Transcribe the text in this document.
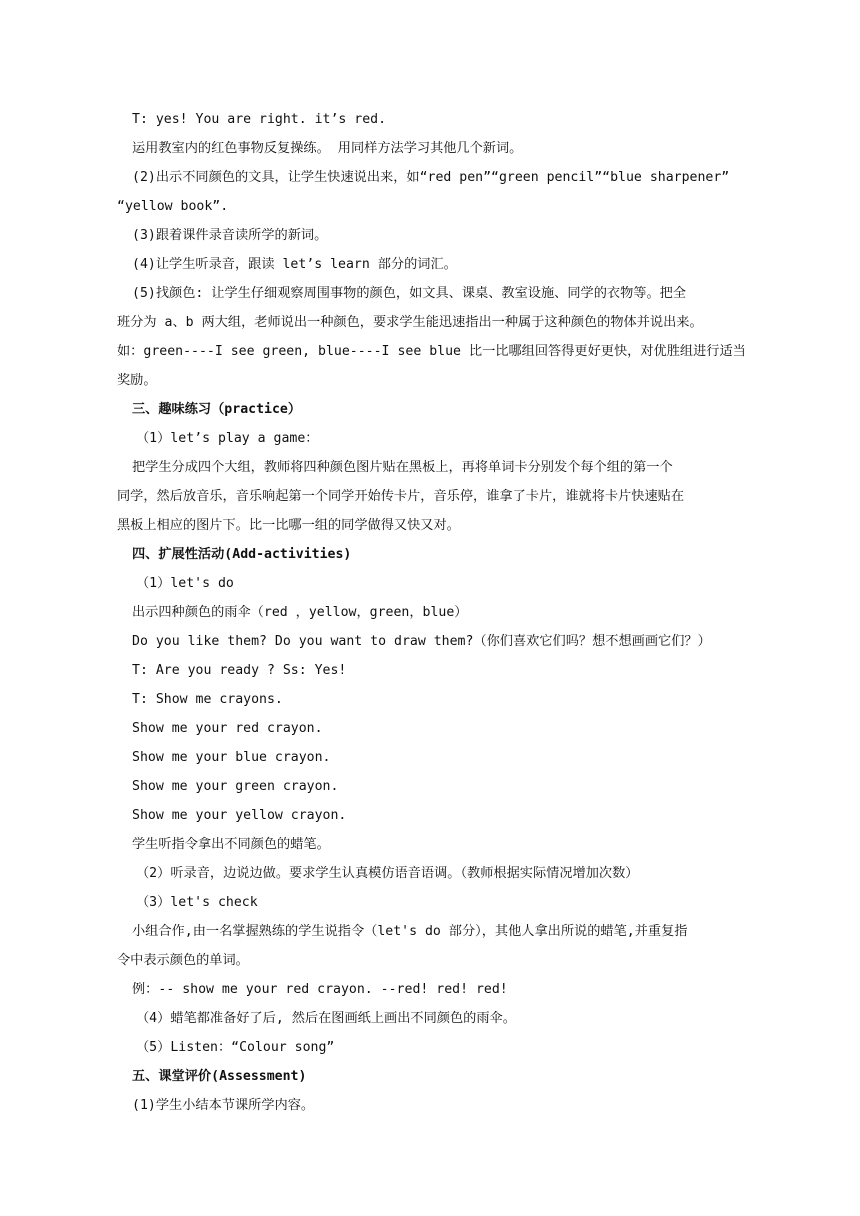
T: yes! You are right. it’s red.
运用教室内的红色事物反复操练。 用同样方法学习其他几个新词。
(2)出示不同颜色的文具，让学生快速说出来，如“red pen”“green pencil”“blue sharpener”
“yellow book”.
(3)跟着课件录音读所学的新词。
(4)让学生听录音，跟读 let’s learn 部分的词汇。
(5)找颜色: 让学生仔细观察周围事物的颜色，如文具、课桌、教室设施、同学的衣物等。把全
班分为 a、b 两大组，老师说出一种颜色，要求学生能迅速指出一种属于这种颜色的物体并说出来。
如：green----I see green, blue----I see blue 比一比哪组回答得更好更快，对优胜组进行适当
奖励。
三、趣味练习（practice）
（1）let’s play a game：
把学生分成四个大组，教师将四种颜色图片贴在黑板上，再将单词卡分别发个每个组的第一个
同学，然后放音乐，音乐响起第一个同学开始传卡片，音乐停，谁拿了卡片，谁就将卡片快速贴在
黑板上相应的图片下。比一比哪一组的同学做得又快又对。
四、扩展性活动(Add-activities)
（1）let's do
出示四种颜色的雨伞（red ，yellow，green，blue）
Do you like them? Do you want to draw them?（你们喜欢它们吗？想不想画画它们？）
T: Are you ready ? Ss: Yes!
T: Show me crayons.
Show me your red crayon.
Show me your blue crayon.
Show me your green crayon.
Show me your yellow crayon.
学生听指令拿出不同颜色的蜡笔。
（2）听录音，边说边做。要求学生认真模仿语音语调。（教师根据实际情况增加次数）
（3）let's check
小组合作,由一名掌握熟练的学生说指令（let's do 部分），其他人拿出所说的蜡笔,并重复指
令中表示颜色的单词。
例：-- show me your red crayon. --red! red! red!
（4）蜡笔都准备好了后, 然后在图画纸上画出不同颜色的雨伞。
（5）Listen：“Colour song”
五、课堂评价(Assessment)
(1)学生小结本节课所学内容。
